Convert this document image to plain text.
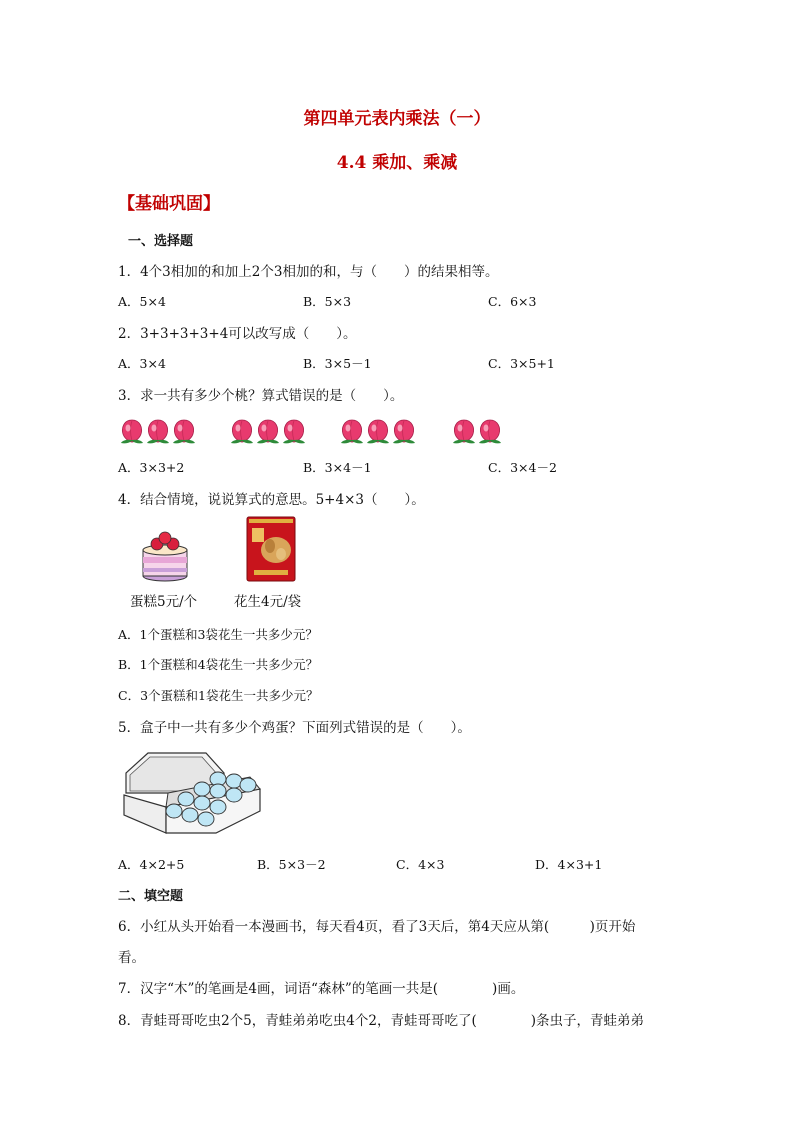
第四单元表内乘法（一）
4.4 乘加、乘减
【基础巩固】
一、选择题
1．4个3相加的和加上2个3相加的和，与（　　）的结果相等。
A．5×4	B．5×3	C．6×3
2．3+3+3+3+4可以改写成（　　）。
A．3×4	B．3×5－1	C．3×5+1
3．求一共有多少个桃？算式错误的是（　　）。
A．3×3+2	B．3×4－1	C．3×4－2
4．结合情境，说说算式的意思。5+4×3（　　）。
蛋糕5元/个	花生4元/袋
A．1个蛋糕和3袋花生一共多少元？
B．1个蛋糕和4袋花生一共多少元？
C．3个蛋糕和1袋花生一共多少元？
5．盒子中一共有多少个鸡蛋？下面列式错误的是（　　）。
A．4×2+5	B．5×3－2	C．4×3	D．4×3+1
二、填空题
6．小红从头开始看一本漫画书，每天看4页，看了3天后，第4天应从第(　　　)页开始
看。
7．汉字“木”的笔画是4画，词语“森林”的笔画一共是(　　　　)画。
8．青蛙哥哥吃虫2个5，青蛙弟弟吃虫4个2，青蛙哥哥吃了(　　　　)条虫子，青蛙弟弟
